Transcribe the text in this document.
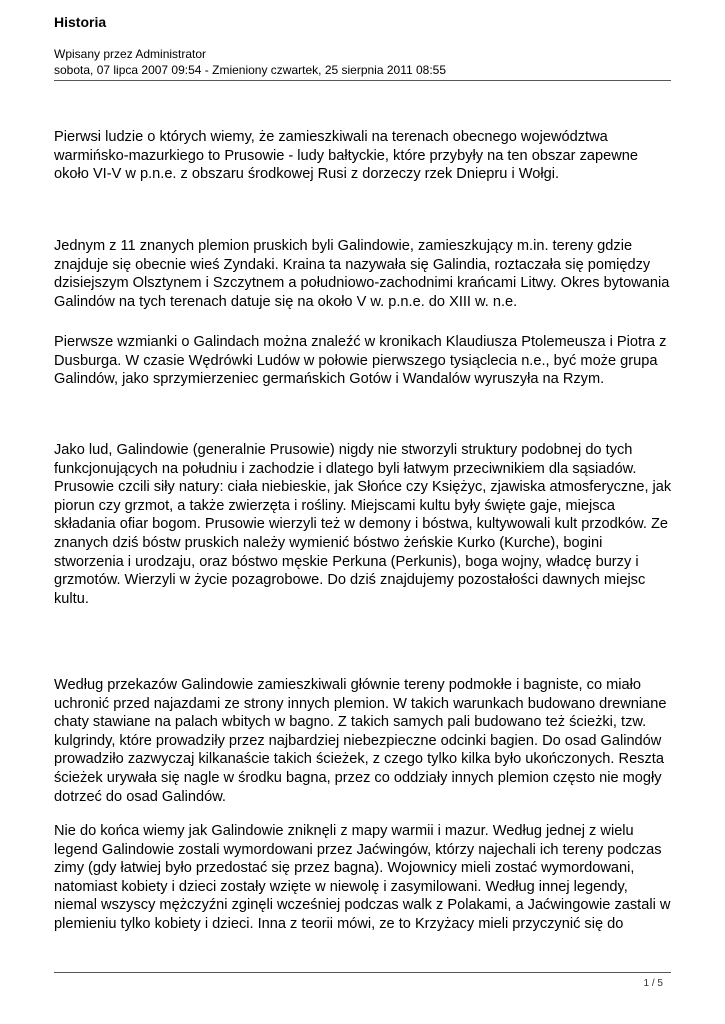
Historia
Wpisany przez Administrator
sobota, 07 lipca 2007 09:54 - Zmieniony czwartek, 25 sierpnia 2011 08:55

Pierwsi ludzie o których wiemy, że zamieszkiwali na terenach obecnego województwa warmińsko-mazurkiego to Prusowie - ludy bałtyckie, które przybyły na ten obszar zapewne około VI-V w p.n.e. z obszaru środkowej Rusi z dorzeczy rzek Dniepru i Wołgi.

Jednym z 11 znanych plemion pruskich byli Galindowie, zamieszkujący m.in. tereny gdzie znajduje się obecnie wieś Zyndaki. Kraina ta nazywała się Galindia, roztaczała się pomiędzy dzisiejszym Olsztynem i Szczytnem a południowo-zachodnimi krańcami Litwy. Okres bytowania Galindów na tych terenach datuje się na około V w. p.n.e. do XIII w. n.e.

Pierwsze wzmianki o Galindach można znaleźć w kronikach Klaudiusza Ptolemeusza i Piotra z Dusburga. W czasie Wędrówki Ludów w połowie pierwszego tysiąclecia n.e., być może grupa Galindów, jako sprzymierzeniec germańskich Gotów i Wandalów wyruszyła na Rzym.

Jako lud, Galindowie (generalnie Prusowie) nigdy nie stworzyli struktury podobnej do tych funkcjonujących na południu i zachodzie i dlatego byli łatwym przeciwnikiem dla sąsiadów. Prusowie czcili siły natury: ciała niebieskie, jak Słońce czy Księżyc, zjawiska atmosferyczne, jak piorun czy grzmot, a także zwierzęta i rośliny. Miejscami kultu były święte gaje, miejsca składania ofiar bogom. Prusowie wierzyli też w demony i bóstwa, kultywowali kult przodków. Ze znanych dziś bóstw pruskich należy wymienić bóstwo żeńskie Kurko (Kurche), bogini stworzenia i urodzaju, oraz bóstwo męskie Perkuna (Perkunis), boga wojny, władcę burzy i grzmotów. Wierzyli w życie pozagrobowe. Do dziś znajdujemy pozostałości dawnych miejsc kultu.

Według przekazów Galindowie zamieszkiwali głównie tereny podmokłe i bagniste, co miało uchronić przed najazdami ze strony innych plemion. W takich warunkach budowano drewniane chaty stawiane na palach wbitych w bagno. Z takich samych pali budowano też ścieżki, tzw. kulgrindy, które prowadziły przez najbardziej niebezpieczne odcinki bagien. Do osad Galindów prowadziło zazwyczaj kilkanaście takich ścieżek, z czego tylko kilka było ukończonych. Reszta ścieżek urywała się nagle w środku bagna, przez co oddziały innych plemion często nie mogły dotrzeć do osad Galindów.

Nie do końca wiemy jak Galindowie zniknęli z mapy warmii i mazur. Według jednej z wielu legend Galindowie zostali wymordowani przez Jaćwingów, którzy najechali ich tereny podczas zimy (gdy łatwiej było przedostać się przez bagna). Wojownicy mieli zostać wymordowani, natomiast kobiety i dzieci zostały wzięte w niewolę i zasymilowani. Według innej legendy, niemal wszyscy mężczyźni zginęli wcześniej podczas walk z Polakami, a Jaćwingowie zastali w plemieniu tylko kobiety i dzieci. Inna z teorii mówi, ze to Krzyżacy mieli przyczynić się do

1 / 5
